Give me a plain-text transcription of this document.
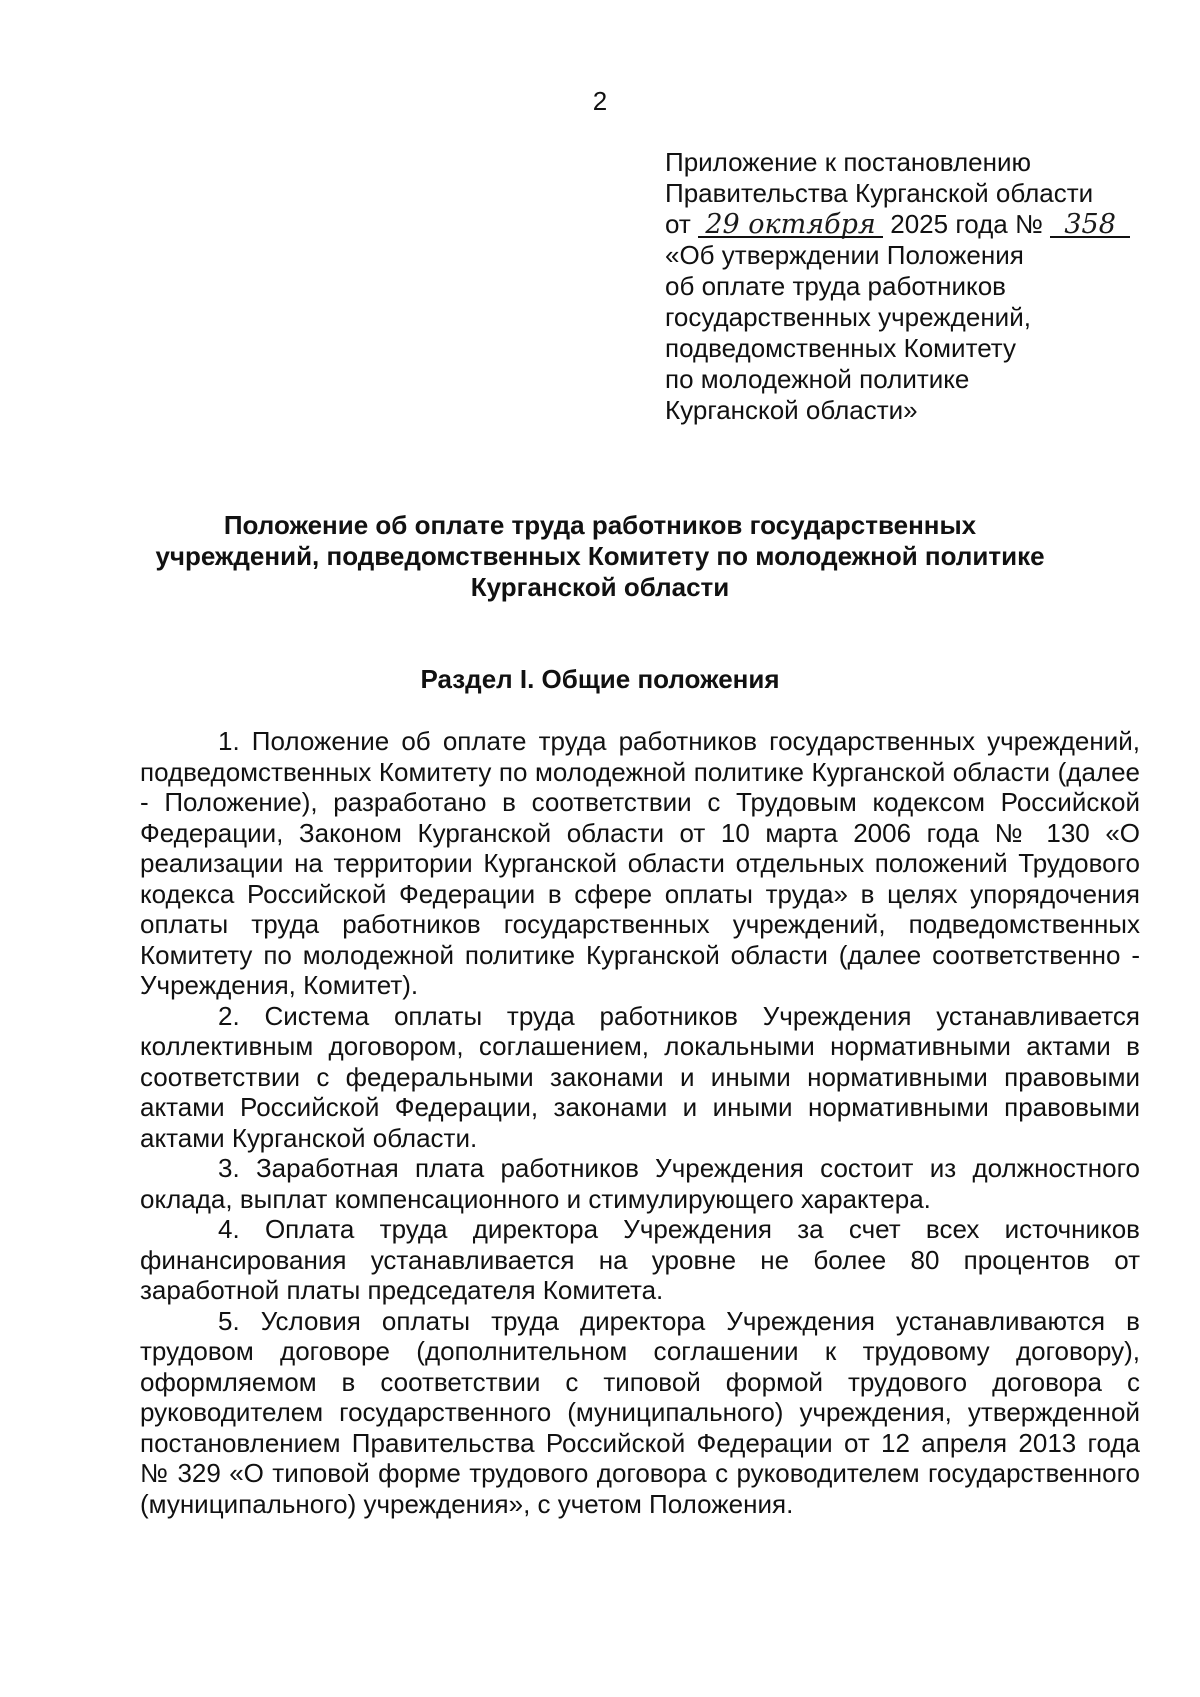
2
Приложение к постановлению
Правительства Курганской области
от 29 октября 2025 года № 358
«Об утверждении Положения
об оплате труда работников
государственных учреждений,
подведомственных Комитету
по молодежной политике
Курганской области»
Положение об оплате труда работников государственных
учреждений, подведомственных Комитету по молодежной политике
Курганской области
Раздел I. Общие положения

1. Положение об оплате труда работников государственных учреждений, подведомственных Комитету по молодежной политике Курганской области (далее - Положение), разработано в соответствии с Трудовым кодексом Российской Федерации, Законом Курганской области от 10 марта 2006 года № 130 «О реализации на территории Курганской области отдельных положений Трудового кодекса Российской Федерации в сфере оплаты труда» в целях упорядочения оплаты труда работников государственных учреждений, подведомственных Комитету по молодежной политике Курганской области (далее соответственно - Учреждения, Комитет).

2. Система оплаты труда работников Учреждения устанавливается коллективным договором, соглашением, локальными нормативными актами в соответствии с федеральными законами и иными нормативными правовыми актами Российской Федерации, законами и иными нормативными правовыми актами Курганской области.

3. Заработная плата работников Учреждения состоит из должностного оклада, выплат компенсационного и стимулирующего характера.

4. Оплата труда директора Учреждения за счет всех источников финансирования устанавливается на уровне не более 80 процентов от заработной платы председателя Комитета.

5. Условия оплаты труда директора Учреждения устанавливаются в трудовом договоре (дополнительном соглашении к трудовому договору), оформляемом в соответствии с типовой формой трудового договора с руководителем государственного (муниципального) учреждения, утвержденной постановлением Правительства Российской Федерации от 12 апреля 2013 года № 329 «О типовой форме трудового договора с руководителем государственного (муниципального) учреждения», с учетом Положения.
